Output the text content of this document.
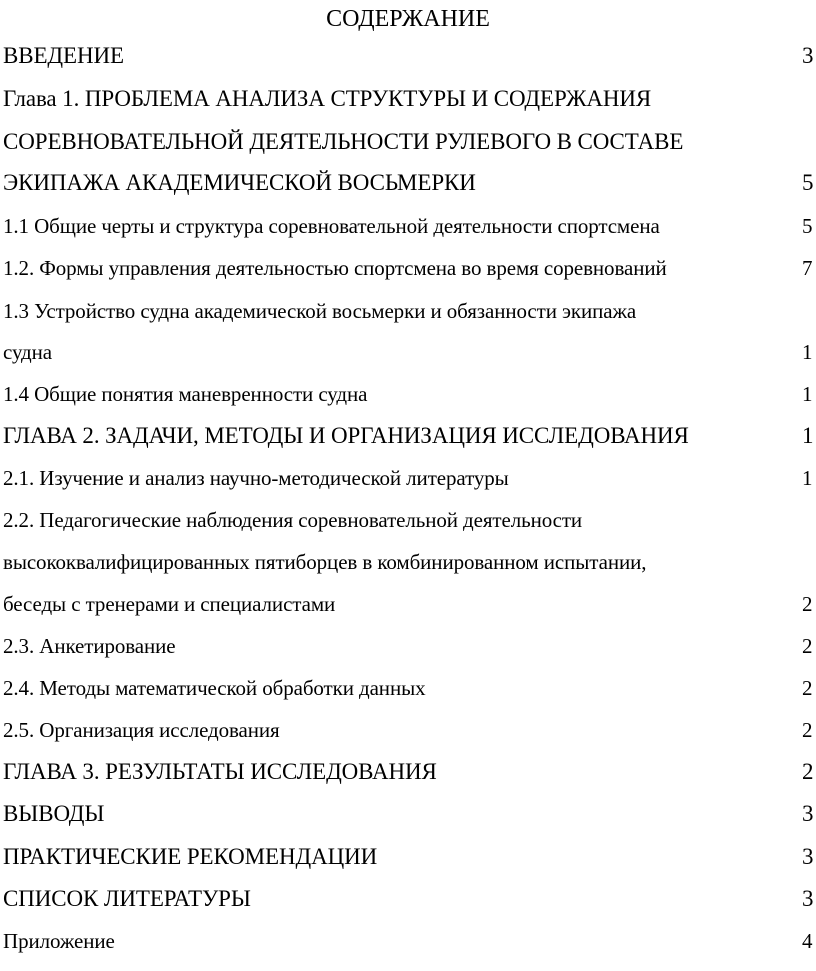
СОДЕРЖАНИЕ
ВВЕДЕНИЕ	3
Глава 1. ПРОБЛЕМА АНАЛИЗА СТРУКТУРЫ И СОДЕРЖАНИЯ
СОРЕВНОВАТЕЛЬНОЙ ДЕЯТЕЛЬНОСТИ РУЛЕВОГО В СОСТАВЕ
ЭКИПАЖА АКАДЕМИЧЕСКОЙ ВОСЬМЕРКИ	5
1.1 Общие черты и структура соревновательной деятельности спортсмена	5
1.2. Формы управления деятельностью спортсмена во время соревнований	7
1.3 Устройство судна академической восьмерки и обязанности экипажа
судна	1
1.4 Общие понятия маневренности судна	1
ГЛАВА 2. ЗАДАЧИ, МЕТОДЫ И ОРГАНИЗАЦИЯ ИССЛЕДОВАНИЯ	1
2.1. Изучение и анализ научно-методической литературы	1
2.2. Педагогические наблюдения соревновательной деятельности
высококвалифицированных пятиборцев в комбинированном испытании,
беседы с тренерами и специалистами	2
2.3. Анкетирование	2
2.4. Методы математической обработки данных	2
2.5. Организация исследования	2
ГЛАВА 3. РЕЗУЛЬТАТЫ ИССЛЕДОВАНИЯ	2
ВЫВОДЫ	3
ПРАКТИЧЕСКИЕ РЕКОМЕНДАЦИИ	3
СПИСОК ЛИТЕРАТУРЫ	3
Приложение	4
